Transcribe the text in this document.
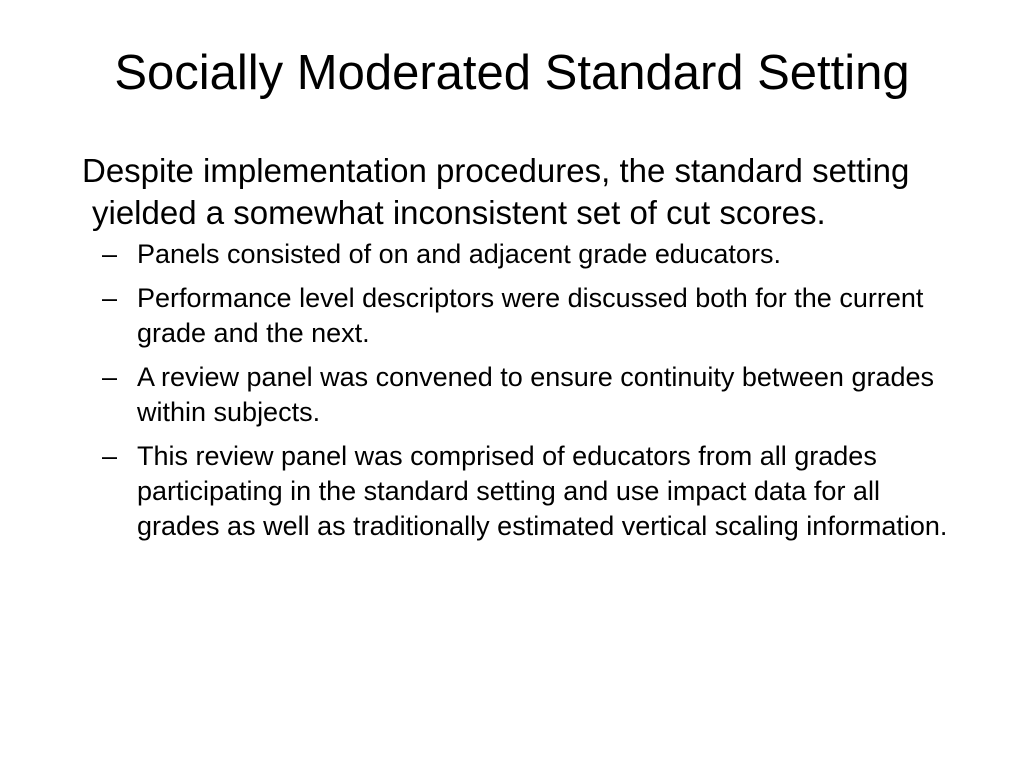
Socially Moderated Standard Setting
Despite implementation procedures, the standard setting yielded a somewhat inconsistent set of cut scores.
– Panels consisted of on and adjacent grade educators.
– Performance level descriptors were discussed both for the current grade and the next.
– A review panel was convened to ensure continuity between grades within subjects.
– This review panel was comprised of educators from all grades participating in the standard setting and use impact data for all grades as well as traditionally estimated vertical scaling information.
